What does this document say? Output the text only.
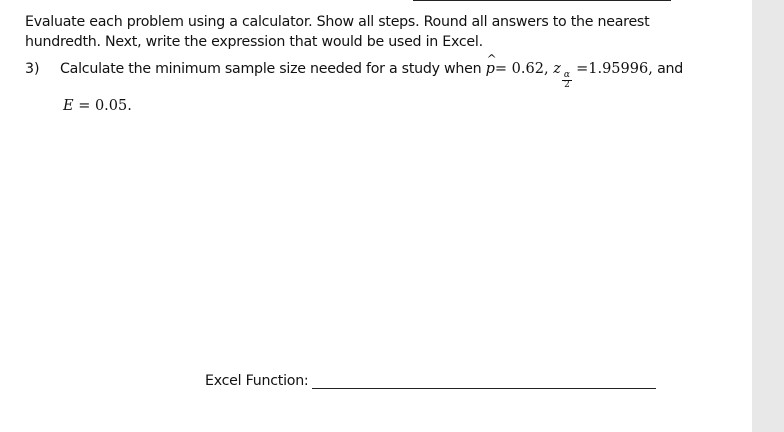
Evaluate each problem using a calculator. Show all steps. Round all answers to the nearest hundredth. Next, write the expression that would be used in Excel.
3) Calculate the minimum sample size needed for a study when
^
p= 0.62, z
$\frac{\alpha}{2}$
=1.95996, and
E = 0.05.
Excel Function:
